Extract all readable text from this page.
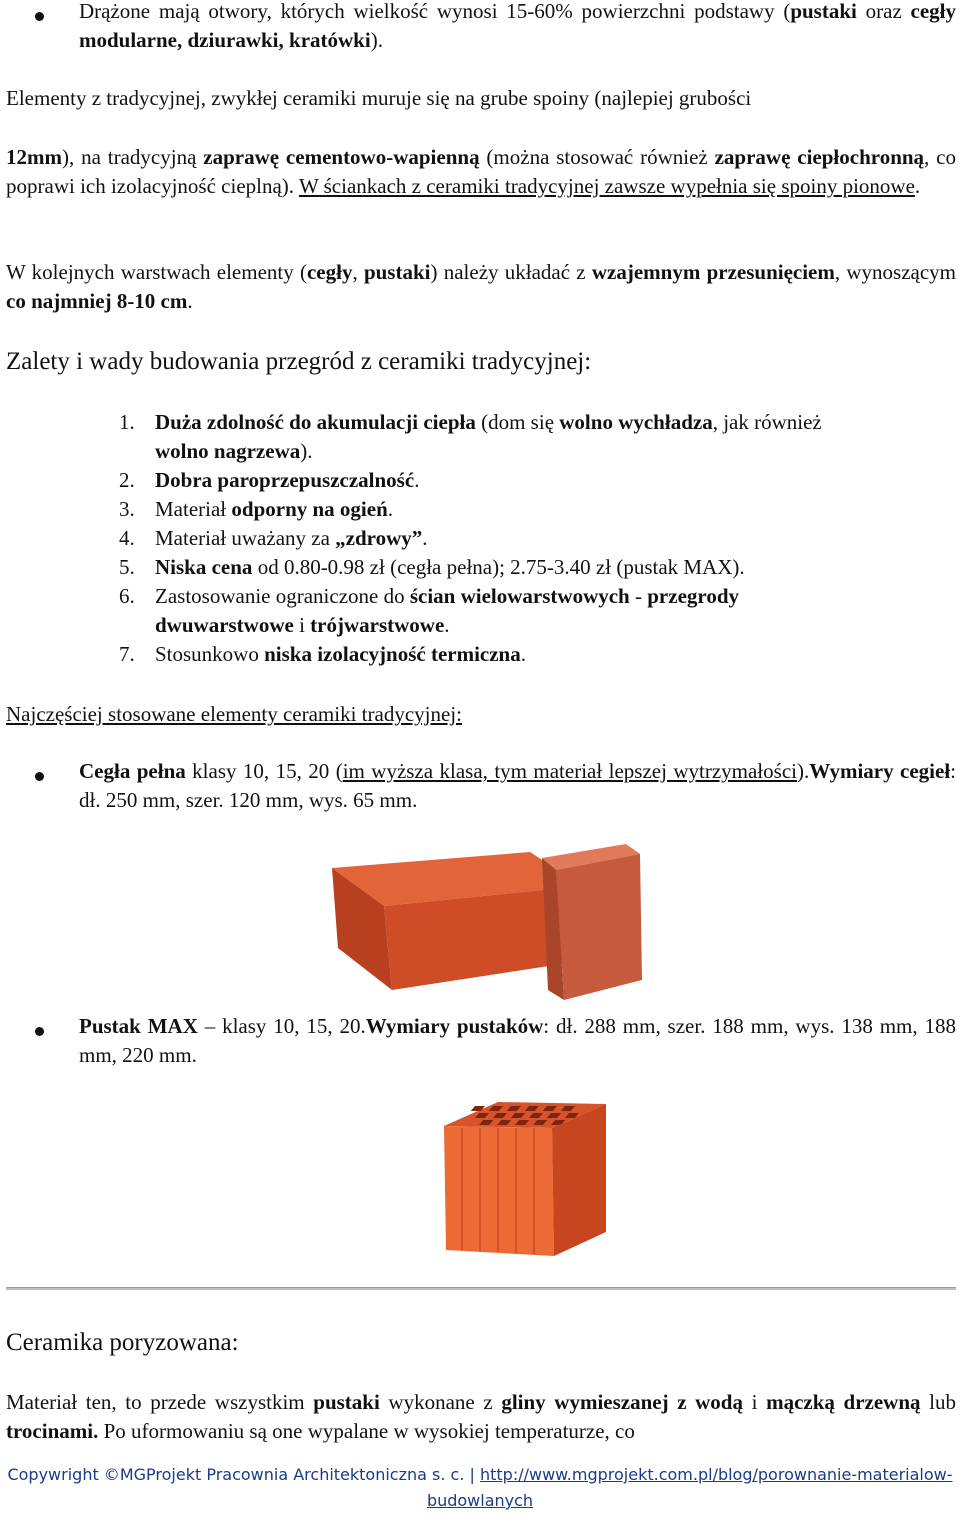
Drążone mają otwory, których wielkość wynosi 15-60% powierzchni podstawy (pustaki oraz cegły modularne, dziurawki, kratówki).
Elementy z tradycyjnej, zwykłej ceramiki muruje się na grube spoiny (najlepiej grubości
12mm), na tradycyjną zaprawę cementowo-wapienną (można stosować również zaprawę ciepłochronną, co poprawi ich izolacyjność cieplną). W ściankach z ceramiki tradycyjnej zawsze wypełnia się spoiny pionowe.
W kolejnych warstwach elementy (cegły, pustaki) należy układać z wzajemnym przesunięciem, wynoszącym co najmniej 8-10 cm.
Zalety i wady budowania przegród z ceramiki tradycyjnej:
1. Duża zdolność do akumulacji ciepła (dom się wolno wychładza, jak również wolno nagrzewa).
2. Dobra paroprzepuszczalność.
3. Materiał odporny na ogień.
4. Materiał uważany za „zdrowy”.
5. Niska cena od 0.80-0.98 zł (cegła pełna); 2.75-3.40 zł (pustak MAX).
6. Zastosowanie ograniczone do ścian wielowarstwowych - przegrody dwuwarstwowe i trójwarstwowe.
7. Stosunkowo niska izolacyjność termiczna.
Najczęściej stosowane elementy ceramiki tradycyjnej:
Cegła pełna klasy 10, 15, 20 (im wyższa klasa, tym materiał lepszej wytrzymałości).Wymiary cegieł: dł. 250 mm, szer. 120 mm, wys. 65 mm.
Pustak MAX – klasy 10, 15, 20.Wymiary pustaków: dł. 288 mm, szer. 188 mm, wys. 138 mm, 188 mm, 220 mm.
Ceramika poryzowana:
Materiał ten, to przede wszystkim pustaki wykonane z gliny wymieszanej z wodą i mączką drzewną lub trocinami. Po uformowaniu są one wypalane w wysokiej temperaturze, co
Copywright ©MGProjekt Pracownia Architektoniczna s. c. | http://www.mgprojekt.com.pl/blog/porownanie-materialow-budowlanych
